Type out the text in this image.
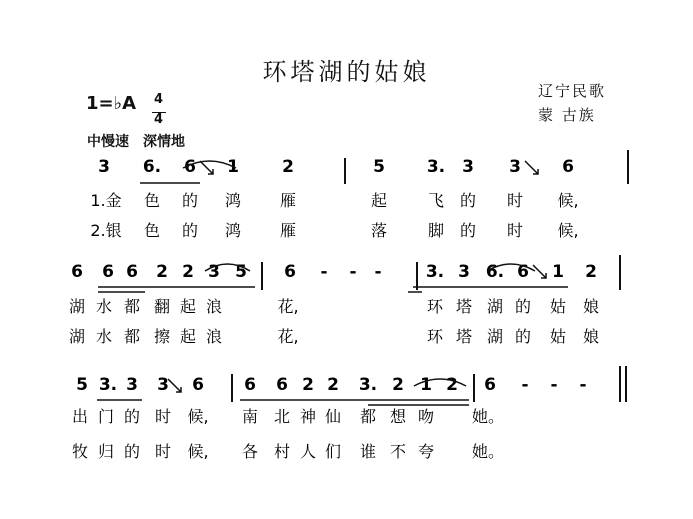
环塔湖的姑娘
辽宁民歌
蒙 古族
1=♭A 4
4
中慢速　深情地
3 6. 6 1	2	5 3. 3 3 6
1.金 色 的 鸿 雁	起	飞 的 时 候,
2.银 色 的 鸿 雁	落	脚 的 时 候,
6 6 6 2 2 3 5 6 - - -	3. 3 6. 6 1 2
湖 水 都 翻 起 浪	花,	环 塔 湖 的 姑 娘
湖 水 都 擦 起 浪	花,	环 塔 湖 的 姑 娘
5 3. 3 3 6 6 6 2 2 3. 2 1 2 6 - - -
出 门 的 时 候, 南 北 神 仙 都 想 吻 她。
牧 归 的 时 候, 各 村 人 们 谁 不 夸 她。
